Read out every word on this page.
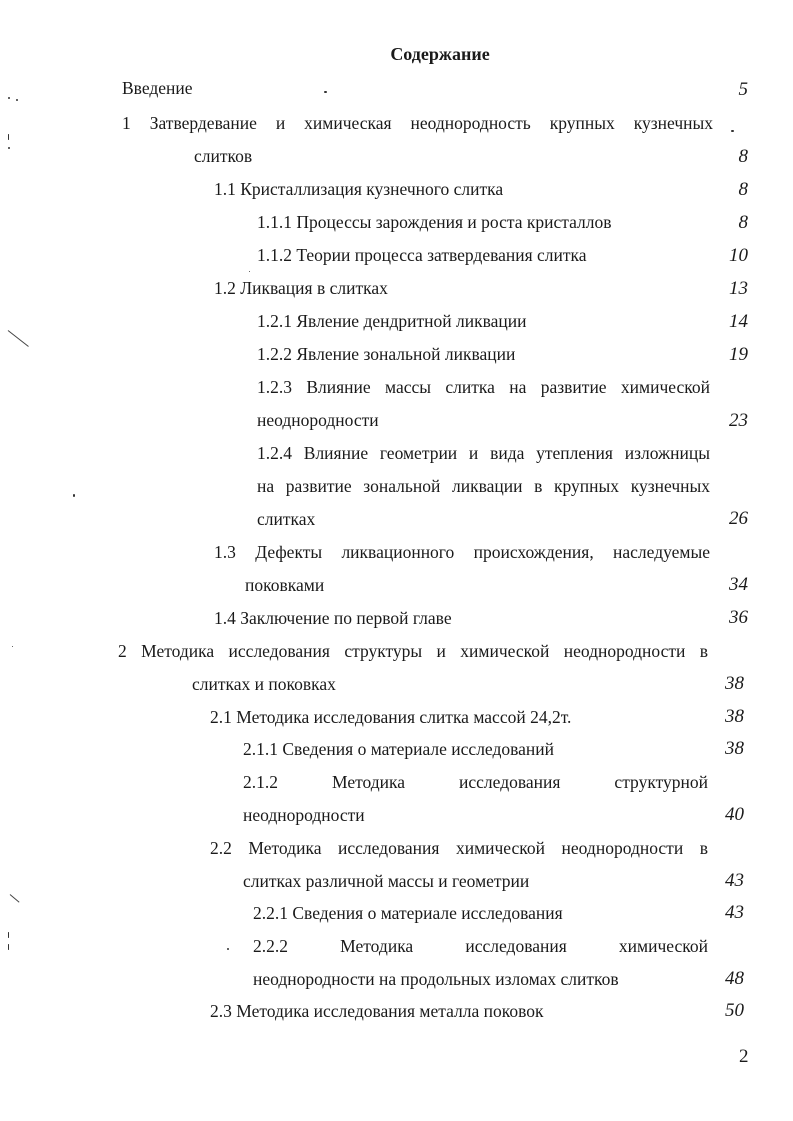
Содержание
Введение	5
1 Затвердевание и химическая неоднородность крупных кузнечных
слитков	8
1.1 Кристаллизация кузнечного слитка	8
1.1.1 Процессы зарождения и роста кристаллов	8
1.1.2 Теории процесса затвердевания слитка	10
1.2 Ликвация в слитках	13
1.2.1 Явление дендритной ликвации	14
1.2.2 Явление зональной ликвации	19
1.2.3 Влияние массы слитка на развитие химической
неоднородности	23
1.2.4 Влияние геометрии и вида утепления изложницы
на развитие зональной ликвации в крупных кузнечных
слитках	26
1.3 Дефекты ликвационного происхождения, наследуемые
поковками	34
1.4 Заключение по первой главе	36
2 Методика исследования структуры и химической неоднородности в
слитках и поковках	38
2.1 Методика исследования слитка массой 24,2т.	38
2.1.1 Сведения о материале исследований	38
2.1.2 Методика исследования структурной
неоднородности	40
2.2 Методика исследования химической неоднородности в
слитках различной массы и геометрии	43
2.2.1 Сведения о материале исследования	43
2.2.2 Методика исследования химической
неоднородности на продольных изломах слитков	48
2.3 Методика исследования металла поковок	50
2
